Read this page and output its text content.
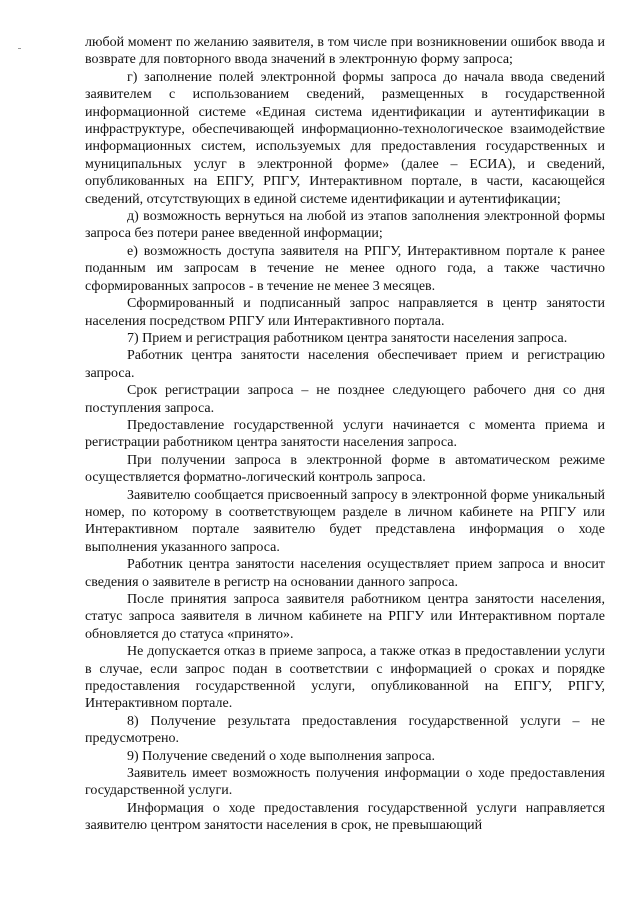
любой момент по желанию заявителя, в том числе при возникновении ошибок ввода и возврате для повторного ввода значений в электронную форму запроса;

г) заполнение полей электронной формы запроса до начала ввода сведений заявителем с использованием сведений, размещенных в государственной информационной системе «Единая система идентификации и аутентификации в инфраструктуре, обеспечивающей информационно-технологическое взаимодействие информационных систем, используемых для предоставления государственных и муниципальных услуг в электронной форме» (далее – ЕСИА), и сведений, опубликованных на ЕПГУ, РПГУ, Интерактивном портале, в части, касающейся сведений, отсутствующих в единой системе идентификации и аутентификации;

д) возможность вернуться на любой из этапов заполнения электронной формы запроса без потери ранее введенной информации;

е) возможность доступа заявителя на РПГУ, Интерактивном портале к ранее поданным им запросам в течение не менее одного года, а также частично сформированных запросов - в течение не менее 3 месяцев.

Сформированный и подписанный запрос направляется в центр занятости населения посредством РПГУ или Интерактивного портала.

7) Прием и регистрация работником центра занятости населения запроса.

Работник центра занятости населения обеспечивает прием и регистрацию запроса.

Срок регистрации запроса – не позднее следующего рабочего дня со дня поступления запроса.

Предоставление государственной услуги начинается с момента приема и регистрации работником центра занятости населения запроса.

При получении запроса в электронной форме в автоматическом режиме осуществляется форматно-логический контроль запроса.

Заявителю сообщается присвоенный запросу в электронной форме уникальный номер, по которому в соответствующем разделе в личном кабинете на РПГУ или Интерактивном портале заявителю будет представлена информация о ходе выполнения указанного запроса.

Работник центра занятости населения осуществляет прием запроса и вносит сведения о заявителе в регистр на основании данного запроса.

После принятия запроса заявителя работником центра занятости населения, статус запроса заявителя в личном кабинете на РПГУ или Интерактивном портале обновляется до статуса «принято».

Не допускается отказ в приеме запроса, а также отказ в предоставлении услуги в случае, если запрос подан в соответствии с информацией о сроках и порядке предоставления государственной услуги, опубликованной на ЕПГУ, РПГУ, Интерактивном портале.

8) Получение результата предоставления государственной услуги – не предусмотрено.

9) Получение сведений о ходе выполнения запроса.

Заявитель имеет возможность получения информации о ходе предоставления государственной услуги.

Информация о ходе предоставления государственной услуги направляется заявителю центром занятости населения в срок, не превышающий
